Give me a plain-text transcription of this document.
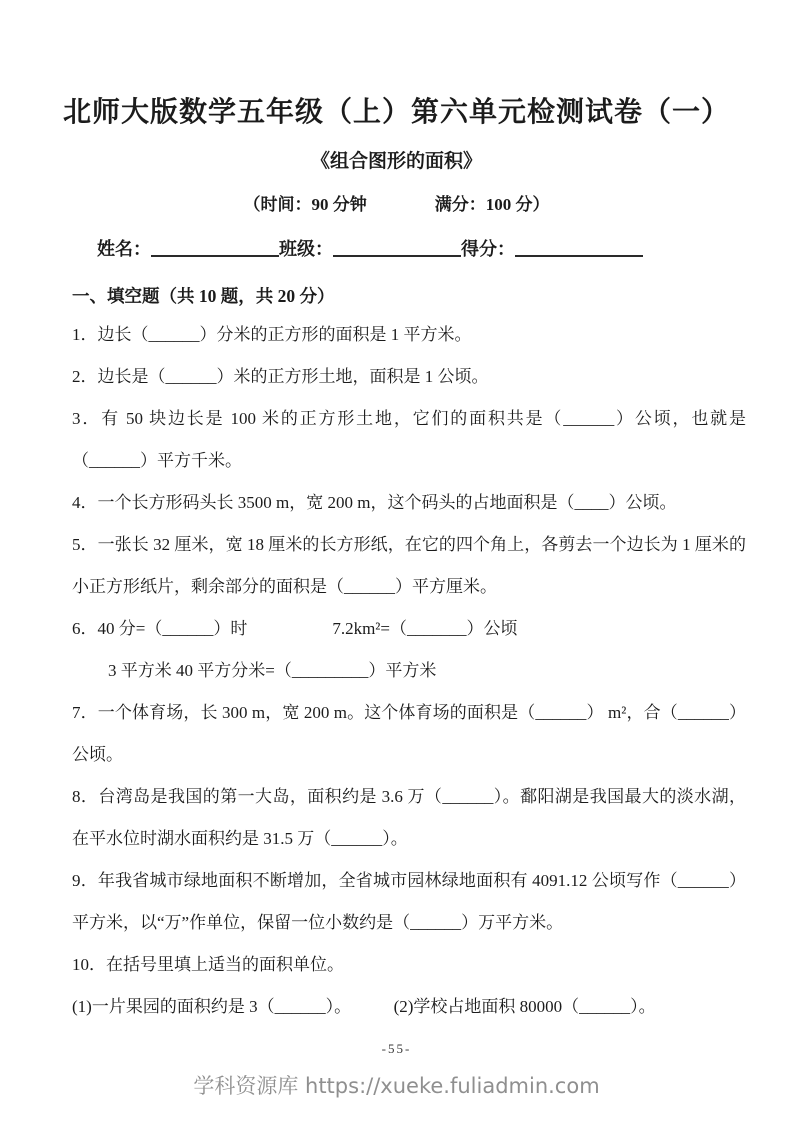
北师大版数学五年级（上）第六单元检测试卷（一）
《组合图形的面积》
（时间：90 分钟　　　　满分：100 分）
姓名：	班级：	得分：
一、填空题（共 10 题，共 20 分）

1．边长（______）分米的正方形的面积是 1 平方米。

2．边长是（______）米的正方形土地，面积是 1 公顷。

3．有 50 块边长是 100 米的正方形土地，它们的面积共是（______）公顷，也就是（______）平方千米。

4．一个长方形码头长 3500 m，宽 200 m，这个码头的占地面积是（____）公顷。

5．一张长 32 厘米，宽 18 厘米的长方形纸，在它的四个角上，各剪去一个边长为 1 厘米的小正方形纸片，剩余部分的面积是（______）平方厘米。

6．40 分=（______）时　　　　　7.2km²=（_______）公顷

3 平方米 40 平方分米=（_________）平方米

7．一个体育场，长 300 m，宽 200 m。这个体育场的面积是（______） m²，合（______）公顷。

8．台湾岛是我国的第一大岛，面积约是 3.6 万（______）。鄱阳湖是我国最大的淡水湖，在平水位时湖水面积约是 31.5 万（______）。

9．年我省城市绿地面积不断增加，全省城市园林绿地面积有 4091.12 公顷写作（______）平方米，以“万”作单位，保留一位小数约是（______）万平方米。

10．在括号里填上适当的面积单位。

(1)一片果园的面积约是 3（______）。　　　(2)学校占地面积 80000（______）。

-55-
学科资源库 https://xueke.fuliadmin.com
